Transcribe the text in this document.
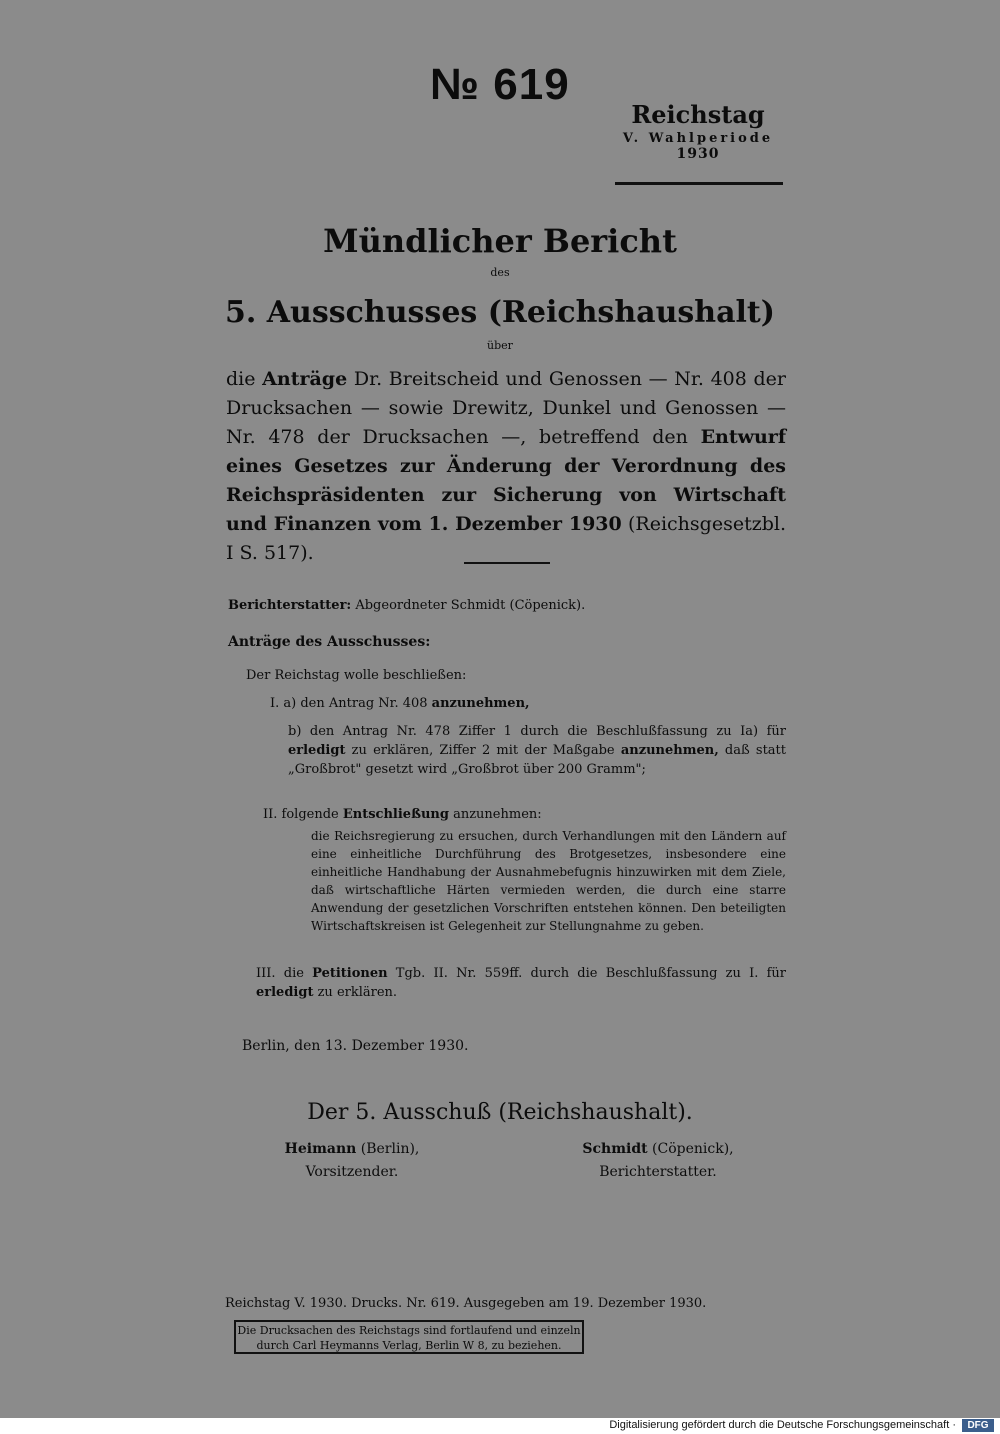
№ 619
Reichstag
V. Wahlperiode
1930
Mündlicher Bericht
des
5. Ausschusses (Reichshaushalt)
über
die Anträge Dr. Breitscheid und Genossen — Nr. 408 der Drucksachen — sowie Drewitz, Dunkel und Genossen — Nr. 478 der Drucksachen —, betreffend den Entwurf eines Gesetzes zur Änderung der Verordnung des Reichspräsidenten zur Sicherung von Wirtschaft und Finanzen vom 1. Dezember 1930 (Reichsgesetzbl. I S. 517).
Berichterstatter: Abgeordneter Schmidt (Cöpenick).
Anträge des Ausschusses:
Der Reichstag wolle beschließen:
I. a) den Antrag Nr. 408 anzunehmen,
b) den Antrag Nr. 478 Ziffer 1 durch die Beschlußfassung zu Ia) für erledigt zu erklären, Ziffer 2 mit der Maßgabe anzunehmen, daß statt „Großbrot" gesetzt wird „Großbrot über 200 Gramm";
II. folgende Entschließung anzunehmen:
die Reichsregierung zu ersuchen, durch Verhandlungen mit den Ländern auf eine einheitliche Durchführung des Brotgesetzes, insbesondere eine einheitliche Handhabung der Ausnahmebefugnis hinzuwirken mit dem Ziele, daß wirtschaftliche Härten vermieden werden, die durch eine starre Anwendung der gesetzlichen Vorschriften entstehen können. Den beteiligten Wirtschaftskreisen ist Gelegenheit zur Stellungnahme zu geben.
III. die Petitionen Tgb. II. Nr. 559ff. durch die Beschlußfassung zu I. für erledigt zu erklären.
Berlin, den 13. Dezember 1930.
Der 5. Ausschuß (Reichshaushalt).
Heimann (Berlin),
Vorsitzender.
Schmidt (Cöpenick),
Berichterstatter.
Reichstag V. 1930. Drucks. Nr. 619. Ausgegeben am 19. Dezember 1930.
Die Drucksachen des Reichstags sind fortlaufend und einzeln
durch Carl Heymanns Verlag, Berlin W 8, zu beziehen.
Digitalisierung gefördert durch die Deutsche Forschungsgemeinschaft ·	DFG
